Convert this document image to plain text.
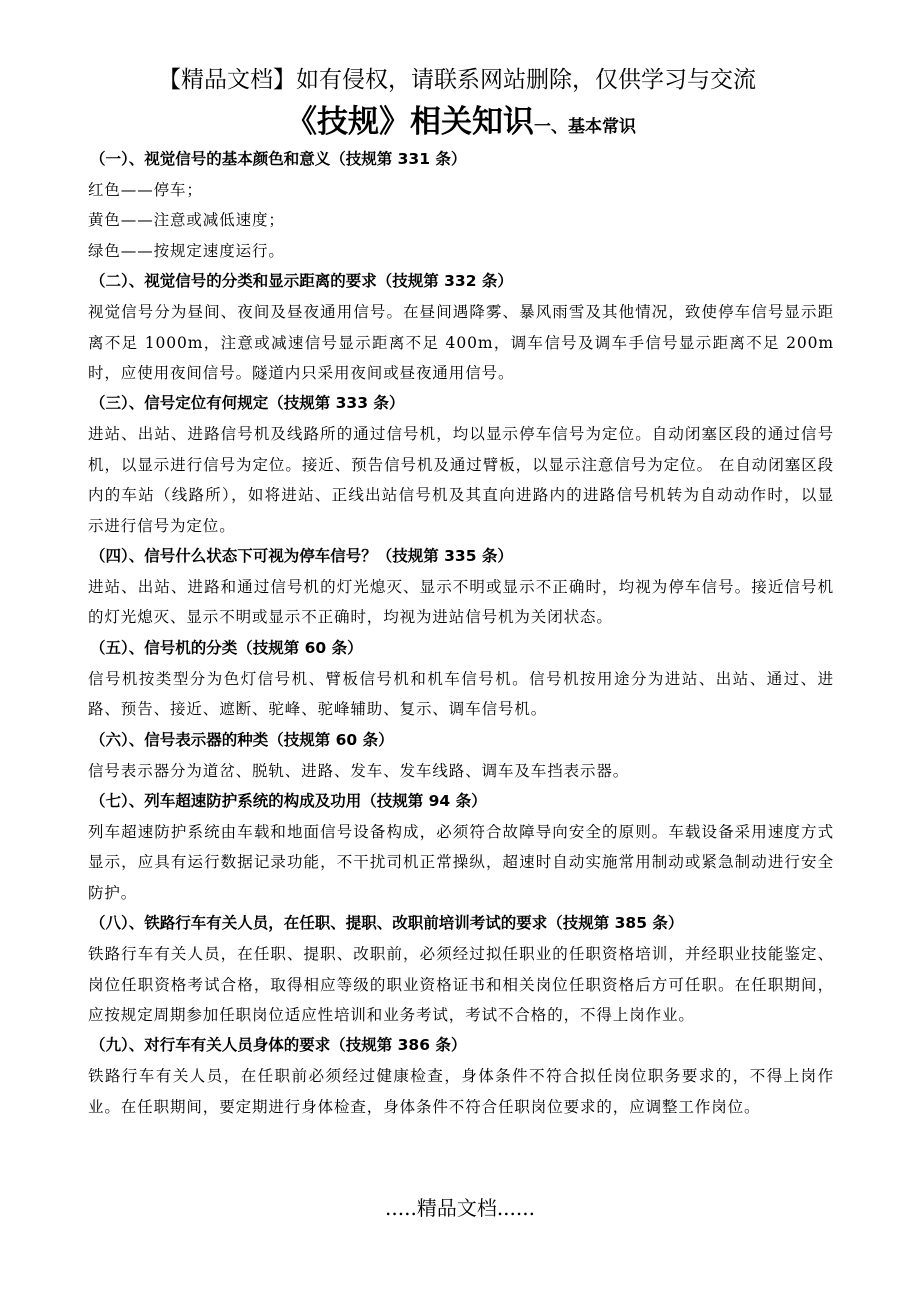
【精品文档】如有侵权，请联系网站删除，仅供学习与交流
《技规》相关知识一、基本常识
（一）、视觉信号的基本颜色和意义（技规第 331 条）
红色——停车；
黄色——注意或减低速度；
绿色——按规定速度运行。
（二）、视觉信号的分类和显示距离的要求（技规第 332 条）
视觉信号分为昼间、夜间及昼夜通用信号。在昼间遇降雾、暴风雨雪及其他情况，致使停车信号显示距离不足 1000m，注意或减速信号显示距离不足 400m，调车信号及调车手信号显示距离不足 200m 时，应使用夜间信号。隧道内只采用夜间或昼夜通用信号。
（三）、信号定位有何规定（技规第 333 条）
进站、出站、进路信号机及线路所的通过信号机，均以显示停车信号为定位。自动闭塞区段的通过信号机，以显示进行信号为定位。接近、预告信号机及通过臂板，以显示注意信号为定位。 在自动闭塞区段内的车站（线路所），如将进站、正线出站信号机及其直向进路内的进路信号机转为自动动作时，以显示进行信号为定位。
（四）、信号什么状态下可视为停车信号？（技规第 335 条）
进站、出站、进路和通过信号机的灯光熄灭、显示不明或显示不正确时，均视为停车信号。接近信号机的灯光熄灭、显示不明或显示不正确时，均视为进站信号机为关闭状态。
（五）、信号机的分类（技规第 60 条）
信号机按类型分为色灯信号机、臂板信号机和机车信号机。信号机按用途分为进站、出站、通过、进路、预告、接近、遮断、驼峰、驼峰辅助、复示、调车信号机。
（六）、信号表示器的种类（技规第 60 条）
信号表示器分为道岔、脱轨、进路、发车、发车线路、调车及车挡表示器。
（七）、列车超速防护系统的构成及功用（技规第 94 条）
列车超速防护系统由车载和地面信号设备构成，必须符合故障导向安全的原则。车载设备采用速度方式显示，应具有运行数据记录功能，不干扰司机正常操纵，超速时自动实施常用制动或紧急制动进行安全防护。
（八）、铁路行车有关人员，在任职、提职、改职前培训考试的要求（技规第 385 条）
铁路行车有关人员，在任职、提职、改职前，必须经过拟任职业的任职资格培训，并经职业技能鉴定、岗位任职资格考试合格，取得相应等级的职业资格证书和相关岗位任职资格后方可任职。在任职期间，应按规定周期参加任职岗位适应性培训和业务考试，考试不合格的，不得上岗作业。
（九）、对行车有关人员身体的要求（技规第 386 条）
铁路行车有关人员，在任职前必须经过健康检查，身体条件不符合拟任岗位职务要求的，不得上岗作业。在任职期间，要定期进行身体检查，身体条件不符合任职岗位要求的，应调整工作岗位。
.....精品文档......
